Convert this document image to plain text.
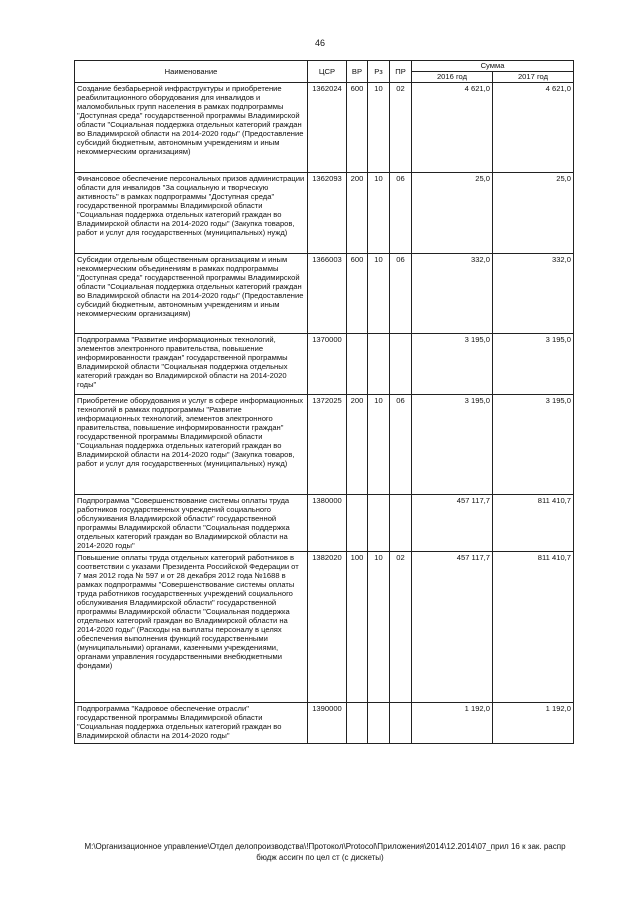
46
Наименование	ЦСР	ВР	Рз	ПР	Сумма	
					2016 год	2017 год
Создание безбарьерной инфраструктуры и приобретение реабилитационного оборудования для инвалидов и маломобильных групп населения в рамках подпрограммы "Доступная среда" государственной программы Владимирской области "Социальная поддержка отдельных категорий граждан во Владимирской области на 2014-2020 годы" (Предоставление субсидий бюджетным, автономным учреждениям и иным некоммерческим организациям)	1362024	600	10	02	4 621,0	4 621,0
Финансовое обеспечение персональных призов администрации области для инвалидов "За социальную и творческую активность" в рамках подпрограммы "Доступная среда" государственной программы Владимирской области "Социальная поддержка отдельных категорий граждан во Владимирской области на 2014-2020 годы" (Закупка товаров, работ и услуг для государственных (муниципальных) нужд)	1362093	200	10	06	25,0	25,0
Субсидии отдельным общественным организациям и иным некоммерческим объединениям в рамках подпрограммы "Доступная среда" государственной программы Владимирской области "Социальная поддержка отдельных категорий граждан во Владимирской области на 2014-2020 годы" (Предоставление субсидий бюджетным, автономным учреждениям и иным некоммерческим организациям)	1366003	600	10	06	332,0	332,0
Подпрограмма "Развитие информационных технологий, элементов электронного правительства, повышение информированности граждан" государственной программы Владимирской области "Социальная поддержка отдельных категорий граждан во Владимирской области на 2014-2020 годы"	1370000				3 195,0	3 195,0
Приобретение оборудования и услуг в сфере информационных технологий в рамках подпрограммы "Развитие информационных технологий, элементов электронного правительства, повышение информированности граждан" государственной программы Владимирской области "Социальная поддержка отдельных категорий граждан во Владимирской области на 2014-2020 годы" (Закупка товаров, работ и услуг для государственных (муниципальных) нужд)	1372025	200	10	06	3 195,0	3 195,0
Подпрограмма "Совершенствование системы оплаты труда работников государственных учреждений социального обслуживания Владимирской области" государственной программы Владимирской области "Социальная поддержка отдельных категорий граждан во Владимирской области на 2014-2020 годы"	1380000				457 117,7	811 410,7
Повышение оплаты труда отдельных категорий работников в соответствии с указами Президента Российской Федерации от 7 мая 2012 года № 597 и от 28 декабря 2012 года №1688 в рамках подпрограммы "Совершенствование системы оплаты труда работников государственных учреждений социального обслуживания Владимирской области" государственной программы Владимирской области "Социальная поддержка отдельных категорий граждан во Владимирской области на 2014-2020 годы" (Расходы на выплаты персоналу в целях обеспечения выполнения функций государственными (муниципальными) органами, казенными учреждениями, органами управления государственными внебюджетными фондами)	1382020	100	10	02	457 117,7	811 410,7
Подпрограмма "Кадровое обеспечение отрасли" государственной программы Владимирской области "Социальная поддержка отдельных категорий граждан во Владимирской области на 2014-2020 годы"	1390000				1 192,0	1 192,0
M:\Организационное управление\Отдел делопроизводства\!Протокол\Protocol\Приложения\2014\12.2014\07_прил 16 к зак. распр
бюдж ассигн по цел ст (с дискеты)
